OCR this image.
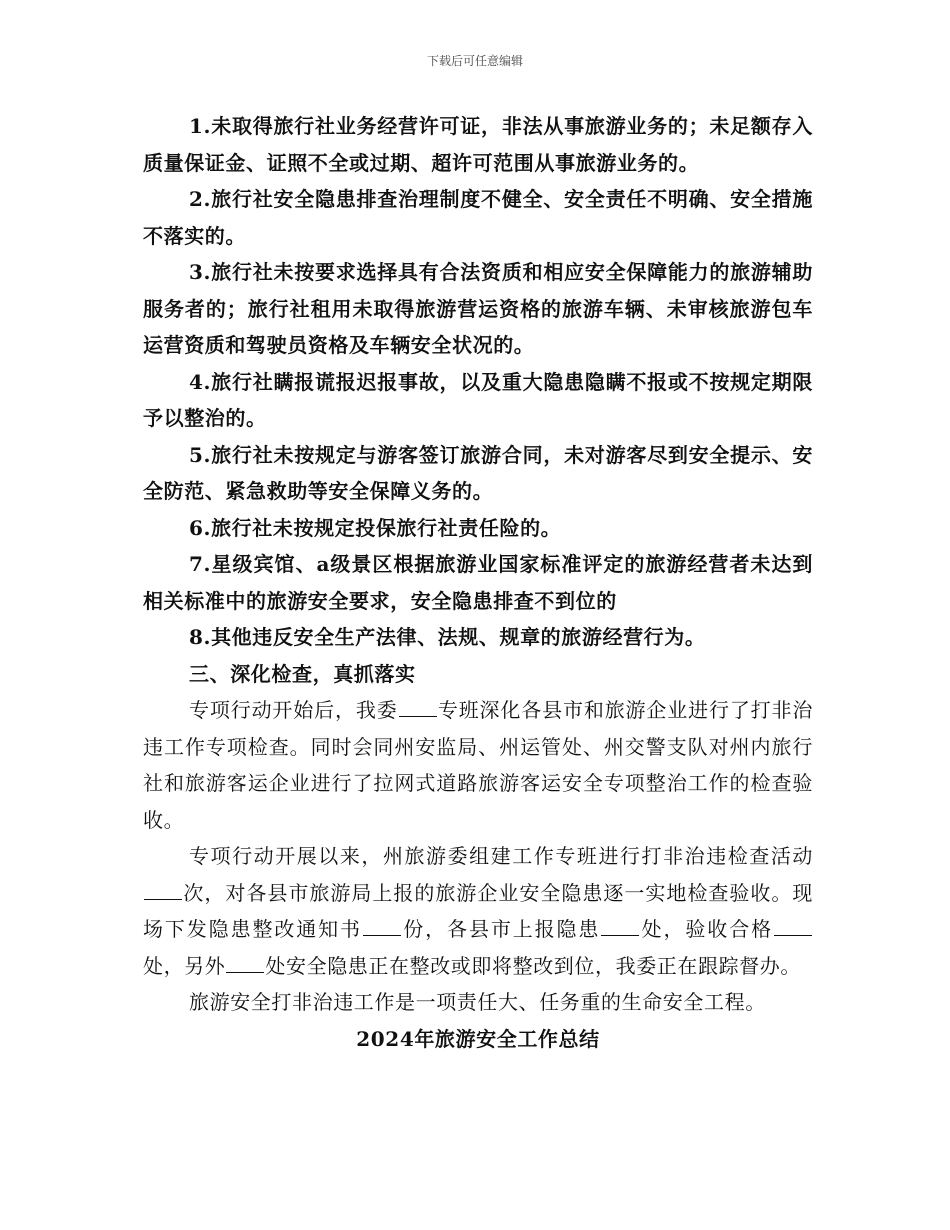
下载后可任意编辑

1.未取得旅行社业务经营许可证，非法从事旅游业务的；未足额存入质量保证金、证照不全或过期、超许可范围从事旅游业务的。

2.旅行社安全隐患排查治理制度不健全、安全责任不明确、安全措施不落实的。

3.旅行社未按要求选择具有合法资质和相应安全保障能力的旅游辅助服务者的；旅行社租用未取得旅游营运资格的旅游车辆、未审核旅游包车运营资质和驾驶员资格及车辆安全状况的。

4.旅行社瞒报谎报迟报事故，以及重大隐患隐瞒不报或不按规定期限予以整治的。

5.旅行社未按规定与游客签订旅游合同，未对游客尽到安全提示、安全防范、紧急救助等安全保障义务的。

6.旅行社未按规定投保旅行社责任险的。

7.星级宾馆、a级景区根据旅游业国家标准评定的旅游经营者未达到相关标准中的旅游安全要求，安全隐患排查不到位的

8.其他违反安全生产法律、法规、规章的旅游经营行为。

三、深化检查，真抓落实

专项行动开始后，我委 专班深化各县市和旅游企业进行了打非治违工作专项检查。同时会同州安监局、州运管处、州交警支队对州内旅行社和旅游客运企业进行了拉网式道路旅游客运安全专项整治工作的检查验收。

专项行动开展以来，州旅游委组建工作专班进行打非治违检查活动次，对各县市旅游局上报的旅游企业安全隐患逐一实地检查验收。现场下发隐患整改通知书 份，各县市上报隐患 处，验收合格处，另外 处安全隐患正在整改或即将整改到位，我委正在跟踪督办。

旅游安全打非治违工作是一项责任大、任务重的生命安全工程。

2024年旅游安全工作总结
